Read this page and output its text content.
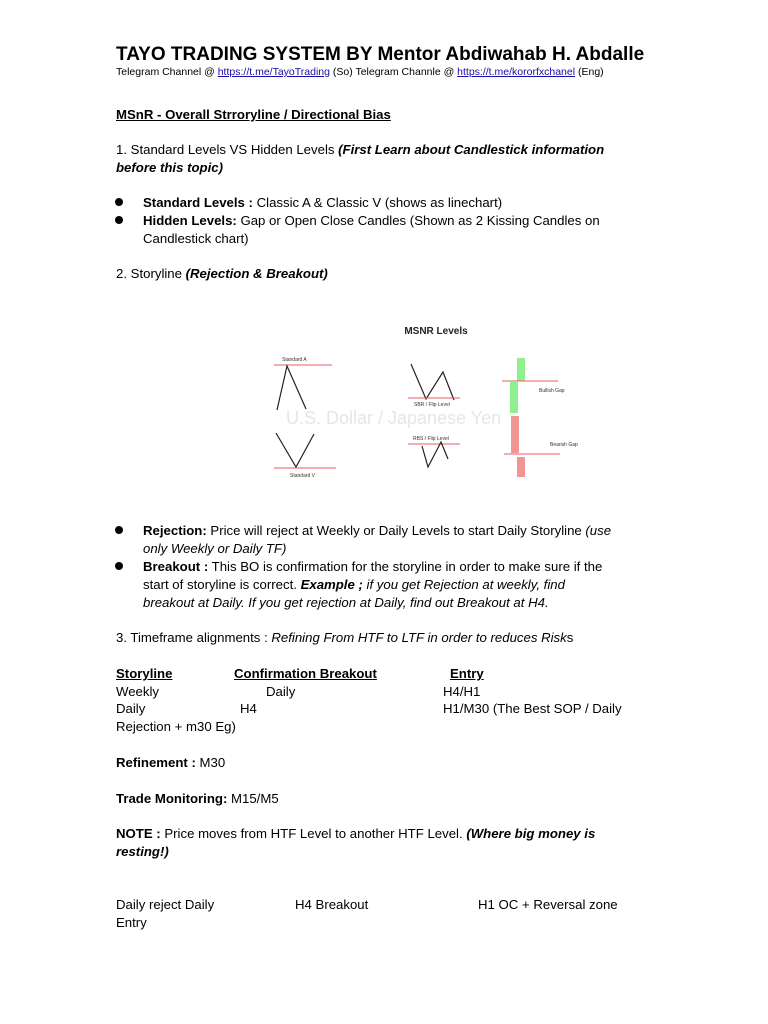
TAYO TRADING SYSTEM BY Mentor Abdiwahab H. Abdalle
Telegram Channel @ https://t.me/TayoTrading (So) Telegram Channle @ https://t.me/kororfxchanel (Eng)
MSnR - Overall Strroryline / Directional Bias
1. Standard Levels VS Hidden Levels (First Learn about Candlestick information
before this topic)
Standard Levels : Classic A & Classic V (shows as linechart)
Hidden Levels: Gap or Open Close Candles (Shown as 2 Kissing Candles on
Candlestick chart)
2. Storyline (Rejection & Breakout)
Rejection: Price will reject at Weekly or Daily Levels to start Daily Storyline (use
only Weekly or Daily TF)
Breakout : This BO is confirmation for the storyline in order to make sure if the
start of storyline is correct. Example ; if you get Rejection at weekly, find
breakout at Daily. If you get rejection at Daily, find out Breakout at H4.
3. Timeframe alignments : Refining From HTF to LTF in order to reduces Risks
Storyline	Confirmation Breakout	Entry
Weekly	Daily	H4/H1
Daily	H4	H1/M30 (The Best SOP / Daily
Rejection + m30 Eg)
Refinement : M30
Trade Monitoring: M15/M5
NOTE : Price moves from HTF Level to another HTF Level. (Where big money is
resting!)
Daily reject Daily	H4 Breakout	H1 OC + Reversal zone
Entry
U.S. Dollar / Japanese Yen
MSNR Levels
Standard A
Standard V
SBR / Flip Level
RBS / Flip Level
Bullish Gap
Bearish Gap
